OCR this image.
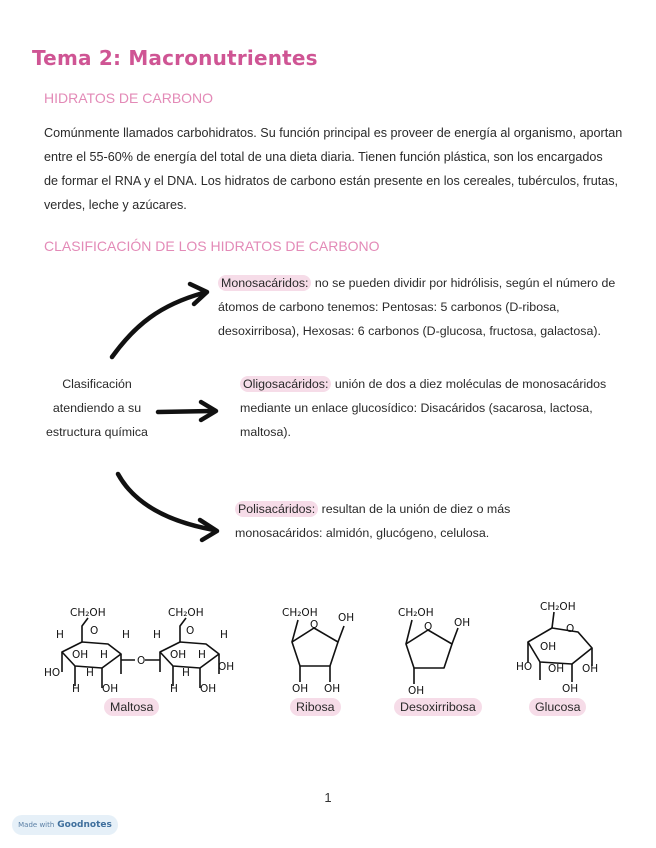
Tema 2: Macronutrientes
HIDRATOS DE CARBONO
Comúnmente llamados carbohidratos. Su función principal es proveer de energía al organismo, aportan
entre el 55-60% de energía del total de una dieta diaria. Tienen función plástica, son los encargados
de formar el RNA y el DNA. Los hidratos de carbono están presente en los cereales, tubérculos, frutas,
verdes, leche y azúcares.
CLASIFICACIÓN DE LOS HIDRATOS DE CARBONO
Clasificación
atendiendo a su
estructura química
Monosacáridos: no se pueden dividir por hidrólisis, según el número de
átomos de carbono tenemos: Pentosas: 5 carbonos (D-ribosa,
desoxirribosa), Hexosas: 6 carbonos (D-glucosa, fructosa, galactosa).
Oligosacáridos: unión de dos a diez moléculas de monosacáridos
mediante un enlace glucosídico: Disacáridos (sacarosa, lactosa,
maltosa).
Polisacáridos: resultan de la unión de diez o más
monosacáridos: almidón, glucógeno, celulosa.
CH₂OH	CH₂OH
O	O
O
H	H H	H
OH H	OH H
HO H	H	OH
H OH	H OH
CH₂OH
O
OH
OH OH
CH₂OH
O OH
OH
CH₂OH
O
OH
HO	OH
OH
OH
Maltosa	Ribosa	Desoxirribosa	Glucosa
1
Made with Goodnotes
